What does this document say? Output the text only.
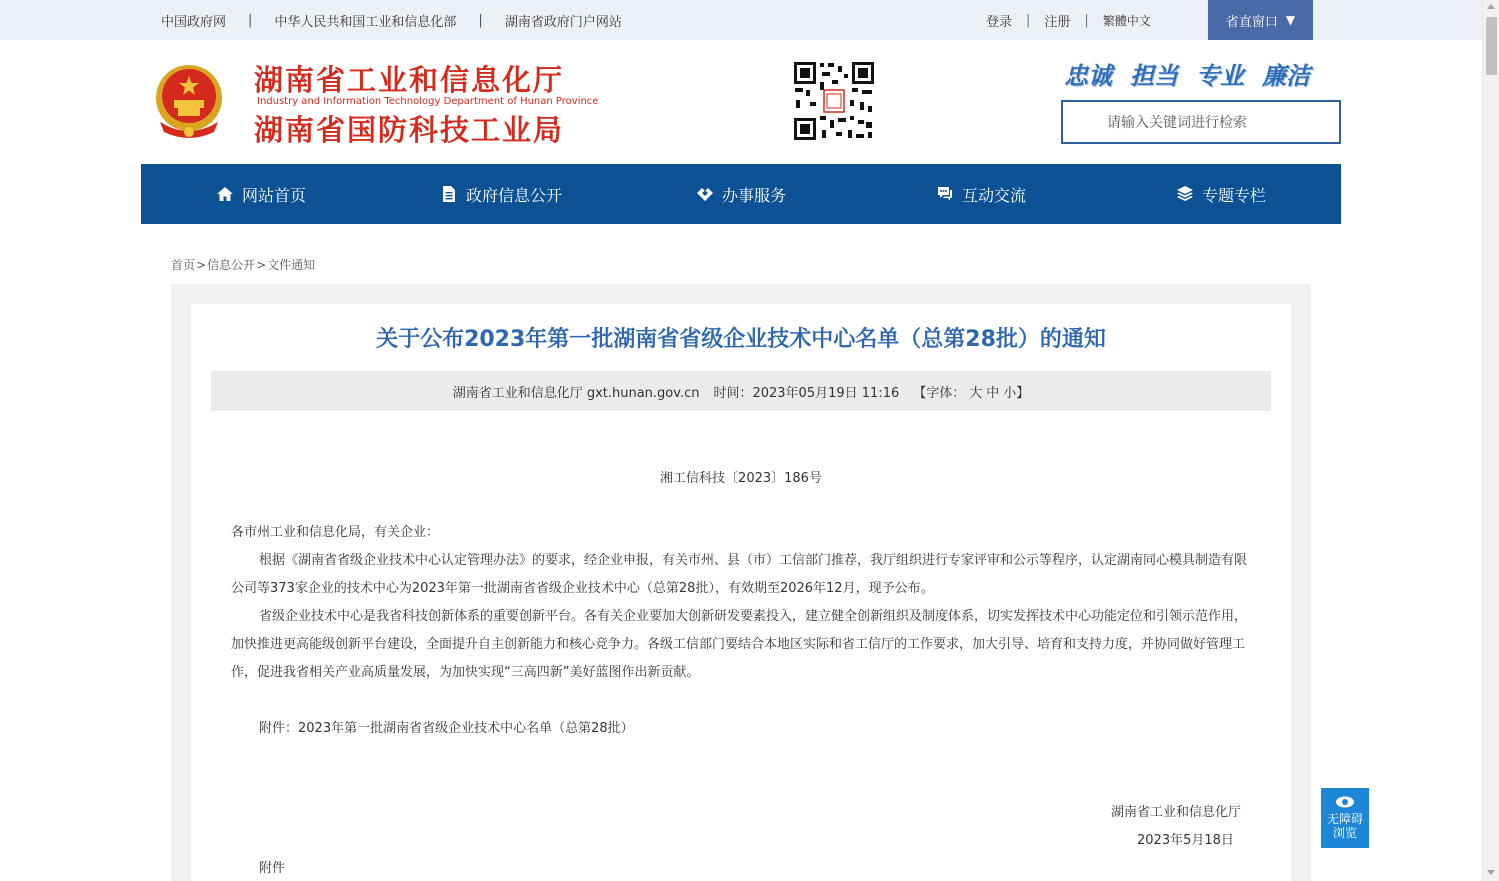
中国政府网 | 中华人民共和国工业和信息化部 | 湖南省政府门户网站	登录 | 注册 | 繁體中文	省直窗口 ▼
湖南省工业和信息化厅
Industry and Information Technology Department of Hunan Province
湖南省国防科技工业局
忠诚 担当 专业 廉洁
请输入关键词进行检索
网站首页	政府信息公开	办事服务	互动交流	专题专栏
首页>信息公开>文件通知
关于公布2023年第一批湖南省省级企业技术中心名单（总第28批）的通知
湖南省工业和信息化厅 gxt.hunan.gov.cn 时间：2023年05月19日 11:16 【字体： 大 中 小 】
湘工信科技〔2023〕186号
各市州工业和信息化局，有关企业：
根据《湖南省省级企业技术中心认定管理办法》的要求，经企业申报，有关市州、县（市）工信部门推荐，我厅组织进行专家评审和公示等程序，认定湖南同心模具制造有限公司等373家企业的技术中心为2023年第一批湖南省省级企业技术中心（总第28批），有效期至2026年12月，现予公布。
省级企业技术中心是我省科技创新体系的重要创新平台。各有关企业要加大创新研发要素投入，建立健全创新组织及制度体系，切实发挥技术中心功能定位和引领示范作用，加快推进更高能级创新平台建设，全面提升自主创新能力和核心竞争力。各级工信部门要结合本地区实际和省工信厅的工作要求，加大引导、培育和支持力度，并协同做好管理工作，促进我省相关产业高质量发展，为加快实现“三高四新”美好蓝图作出新贡献。
附件：2023年第一批湖南省省级企业技术中心名单（总第28批）
湖南省工业和信息化厅
2023年5月18日
附件
无障碍
浏览
